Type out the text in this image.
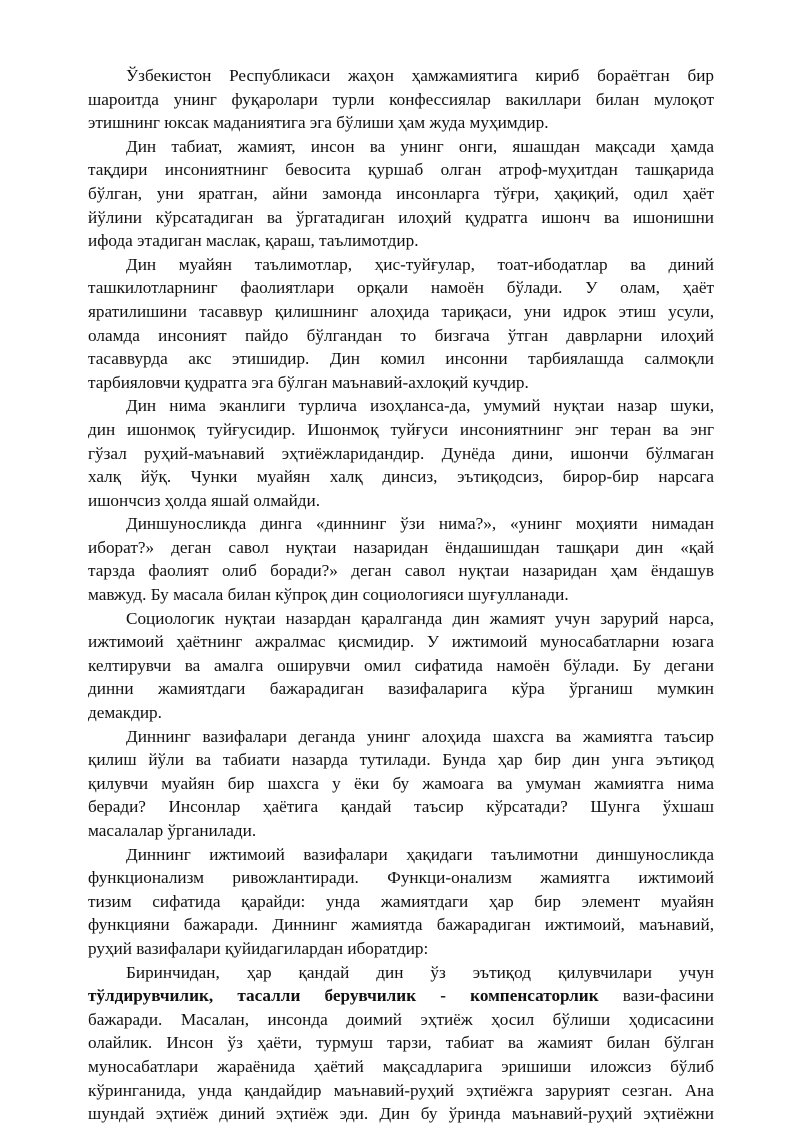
Ўзбекистон Республикаси жаҳон ҳамжамиятига кириб бораётган бир
шароитда унинг фуқаролари турли конфессиялар вакиллари билан мулоқот
этишнинг юксак маданиятига эга бўлиши ҳам жуда муҳимдир.
Дин табиат, жамият, инсон ва унинг онги, яшашдан мақсади ҳамда
тақдири инсониятнинг бевосита қуршаб олган атроф-муҳитдан ташқарида
бўлган, уни яратган, айни замонда инсонларга тўғри, ҳақиқий, одил ҳаёт
йўлини кўрсатадиган ва ўргатадиган илоҳий қудратга ишонч ва ишонишни
ифода этадиган маслак, қараш, таълимотдир.
Дин муайян таълимотлар, ҳис-туйғулар, тоат-ибодатлар ва диний
ташкилотларнинг фаолиятлари орқали намоён бўлади. У олам, ҳаёт
яратилишини тасаввур қилишнинг алоҳида тариқаси, уни идрок этиш усули,
оламда инсоният пайдо бўлгандан то бизгача ўтган даврларни илоҳий
тасаввурда акс этишидир. Дин комил инсонни тарбиялашда салмоқли
тарбияловчи қудратга эга бўлган маънавий-ахлоқий кучдир.
Дин нима эканлиги турлича изоҳланса-да, умумий нуқтаи назар шуки,
дин ишонмоқ туйғусидир. Ишонмоқ туйғуси инсониятнинг энг теран ва энг
гўзал руҳий-маънавий эҳтиёжларидандир. Дунёда дини, ишончи бўлмаган
халқ йўқ. Чунки муайян халқ динсиз, эътиқодсиз, бирор-бир нарсага
ишончсиз ҳолда яшай олмайди.
Диншуносликда динга «диннинг ўзи нима?», «унинг моҳияти нимадан
иборат?» деган савол нуқтаи назаридан ёндашишдан ташқари дин «қай
тарзда фаолият олиб боради?» деган савол нуқтаи назаридан ҳам ёндашув
мавжуд. Бу масала билан кўпроқ дин социологияси шуғулланади.
Социологик нуқтаи назардан қаралганда дин жамият учун зарурий нарса,
ижтимоий ҳаётнинг ажралмас қисмидир. У ижтимоий муносабатларни юзага
келтирувчи ва амалга оширувчи омил сифатида намоён бўлади. Бу дегани
динни жамиятдаги бажарадиган вазифаларига кўра ўрганиш мумкин
демакдир.
Диннинг вазифалари деганда унинг алоҳида шахсга ва жамиятга таъсир
қилиш йўли ва табиати назарда тутилади. Бунда ҳар бир дин унга эътиқод
қилувчи муайян бир шахсга у ёки бу жамоага ва умуман жамиятга нима
беради? Инсонлар ҳаётига қандай таъсир кўрсатади? Шунга ўхшаш
масалалар ўрганилади.
Диннинг ижтимоий вазифалари ҳақидаги таълимотни диншуносликда
функционализм ривожлантиради. Функци-онализм жамиятга ижтимоий
тизим сифатида қарайди: унда жамиятдаги ҳар бир элемент муайян
функцияни бажаради. Диннинг жамиятда бажарадиган ижтимоий, маънавий,
руҳий вазифалари қуйидагилардан иборатдир:
Биринчидан, ҳар қандай дин ўз эътиқод қилувчилари учун
тўлдирувчилик, тасалли берувчилик - компенсаторлик вази-фасини
бажаради. Масалан, инсонда доимий эҳтиёж ҳосил бўлиши ҳодисасини
олайлик. Инсон ўз ҳаёти, турмуш тарзи, табиат ва жамият билан бўлган
муносабатлари жараёнида ҳаётий мақсадларига эришиши иложсиз бўлиб
кўринганида, унда қандайдир маънавий-руҳий эҳтиёжга зарурият сезган. Ана
шундай эҳтиёж диний эҳтиёж эди. Дин бу ўринда маънавий-руҳий эҳтиёжни
